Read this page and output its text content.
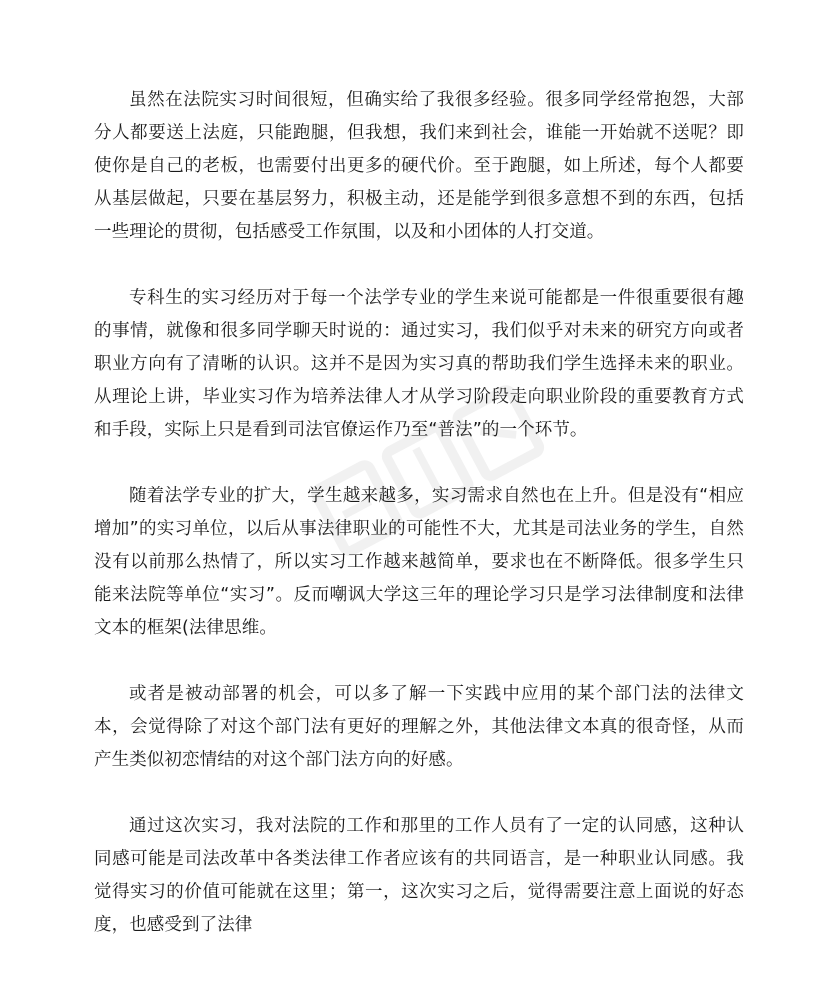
虽然在法院实习时间很短，但确实给了我很多经验。很多同学经常抱怨，大部分人都要送上法庭，只能跑腿，但我想，我们来到社会，谁能一开始就不送呢？即使你是自己的老板，也需要付出更多的硬代价。至于跑腿，如上所述，每个人都要从基层做起，只要在基层努力，积极主动，还是能学到很多意想不到的东西，包括一些理论的贯彻，包括感受工作氛围，以及和小团体的人打交道。

专科生的实习经历对于每一个法学专业的学生来说可能都是一件很重要很有趣的事情，就像和很多同学聊天时说的：通过实习，我们似乎对未来的研究方向或者职业方向有了清晰的认识。这并不是因为实习真的帮助我们学生选择未来的职业。从理论上讲，毕业实习作为培养法律人才从学习阶段走向职业阶段的重要教育方式和手段，实际上只是看到司法官僚运作乃至“普法”的一个环节。

随着法学专业的扩大，学生越来越多，实习需求自然也在上升。但是没有“相应增加”的实习单位，以后从事法律职业的可能性不大，尤其是司法业务的学生，自然没有以前那么热情了，所以实习工作越来越简单，要求也在不断降低。很多学生只能来法院等单位“实习”。反而嘲讽大学这三年的理论学习只是学习法律制度和法律文本的框架(法律思维。

或者是被动部署的机会，可以多了解一下实践中应用的某个部门法的法律文本，会觉得除了对这个部门法有更好的理解之外，其他法律文本真的很奇怪，从而产生类似初恋情结的对这个部门法方向的好感。

通过这次实习，我对法院的工作和那里的工作人员有了一定的认同感，这种认同感可能是司法改革中各类法律工作者应该有的共同语言，是一种职业认同感。我觉得实习的价值可能就在这里；第一，这次实习之后，觉得需要注意上面说的好态度，也感受到了法律
